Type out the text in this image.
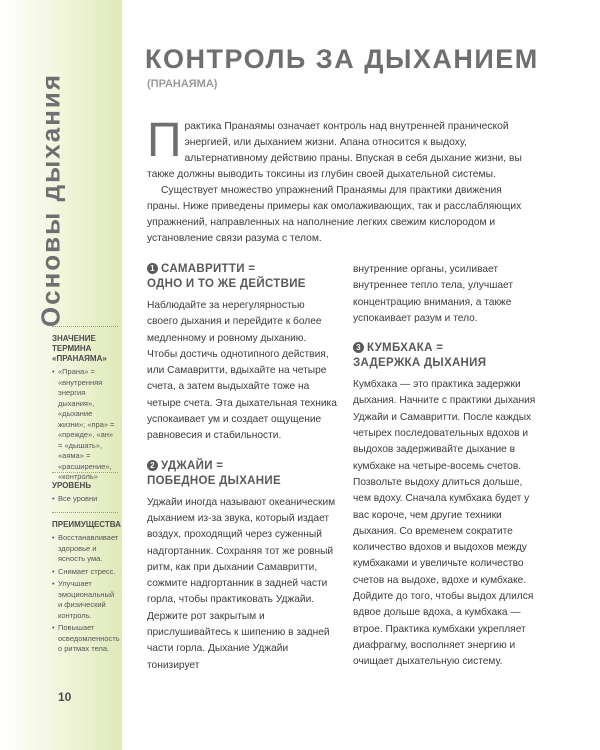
Основы дыхания
ЗНАЧЕНИЕ ТЕРМИНА «ПРАНАЯМА»
• «Прана» = «внутренняя энергия дыхания», «дыхание жизни»; «пра» = «прежде», «ан» = «дышать», «аяма» = «расширение», «контроль»
УРОВЕНЬ
• Все уровни
ПРЕИМУЩЕСТВА
• Восстанавливает здоровье и ясность ума.
• Снимает стресс.
• Улучшает эмоциональный и физический контроль.
• Повышает осведомленность о ритмах тела.
10
КОНТРОЛЬ ЗА ДЫХАНИЕМ
(ПРАНАЯМА)

Практика Пранаямы означает контроль над внутренней пранической энергией, или дыханием жизни. Апана относится к выдоху, альтернативному действию праны. Впуская в себя дыхание жизни, вы также должны выводить токсины из глубин своей дыхательной системы.

Существует множество упражнений Пранаямы для практики движения праны. Ниже приведены примеры как омолаживающих, так и расслабляющих упражнений, направленных на наполнение легких свежим кислородом и установление связи разума с телом.

1 САМАВРИТТИ =
ОДНО И ТО ЖЕ ДЕЙСТВИЕ

Наблюдайте за нерегулярностью своего дыхания и перейдите к более медленному и ровному дыханию. Чтобы достичь однотипного действия, или Самавритти, вдыхайте на четыре счета, а затем выдыхайте тоже на четыре счета. Эта дыхательная техника успокаивает ум и создает ощущение равновесия и стабильности.

2 УДЖАЙИ =
ПОБЕДНОЕ ДЫХАНИЕ

Уджайи иногда называют океаническим дыханием из-за звука, который издает воздух, проходящий через суженный надгортанник. Сохраняя тот же ровный ритм, как при дыхании Самавритти, сожмите надгортанник в задней части горла, чтобы практиковать Уджайи. Держите рот закрытым и прислушивайтесь к шипению в задней части горла. Дыхание Уджайи тонизирует

внутренние органы, усиливает внутреннее тепло тела, улучшает концентрацию внимания, а также успокаивает разум и тело.

3 КУМБХАКА =
ЗАДЕРЖКА ДЫХАНИЯ

Кумбхака — это практика задержки дыхания. Начните с практики дыхания Уджайи и Самавритти. После каждых четырех последовательных вдохов и выдохов задерживайте дыхание в кумбхаке на четыре-восемь счетов. Позвольте выдоху длиться дольше, чем вдоху. Сначала кумбхака будет у вас короче, чем другие техники дыхания. Со временем сократите количество вдохов и выдохов между кумбхаками и увеличьте количество счетов на выдохе, вдохе и кумбхаке. Дойдите до того, чтобы выдох длился вдвое дольше вдоха, а кумбхака — втрое. Практика кумбхаки укрепляет диафрагму, восполняет энергию и очищает дыхательную систему.
